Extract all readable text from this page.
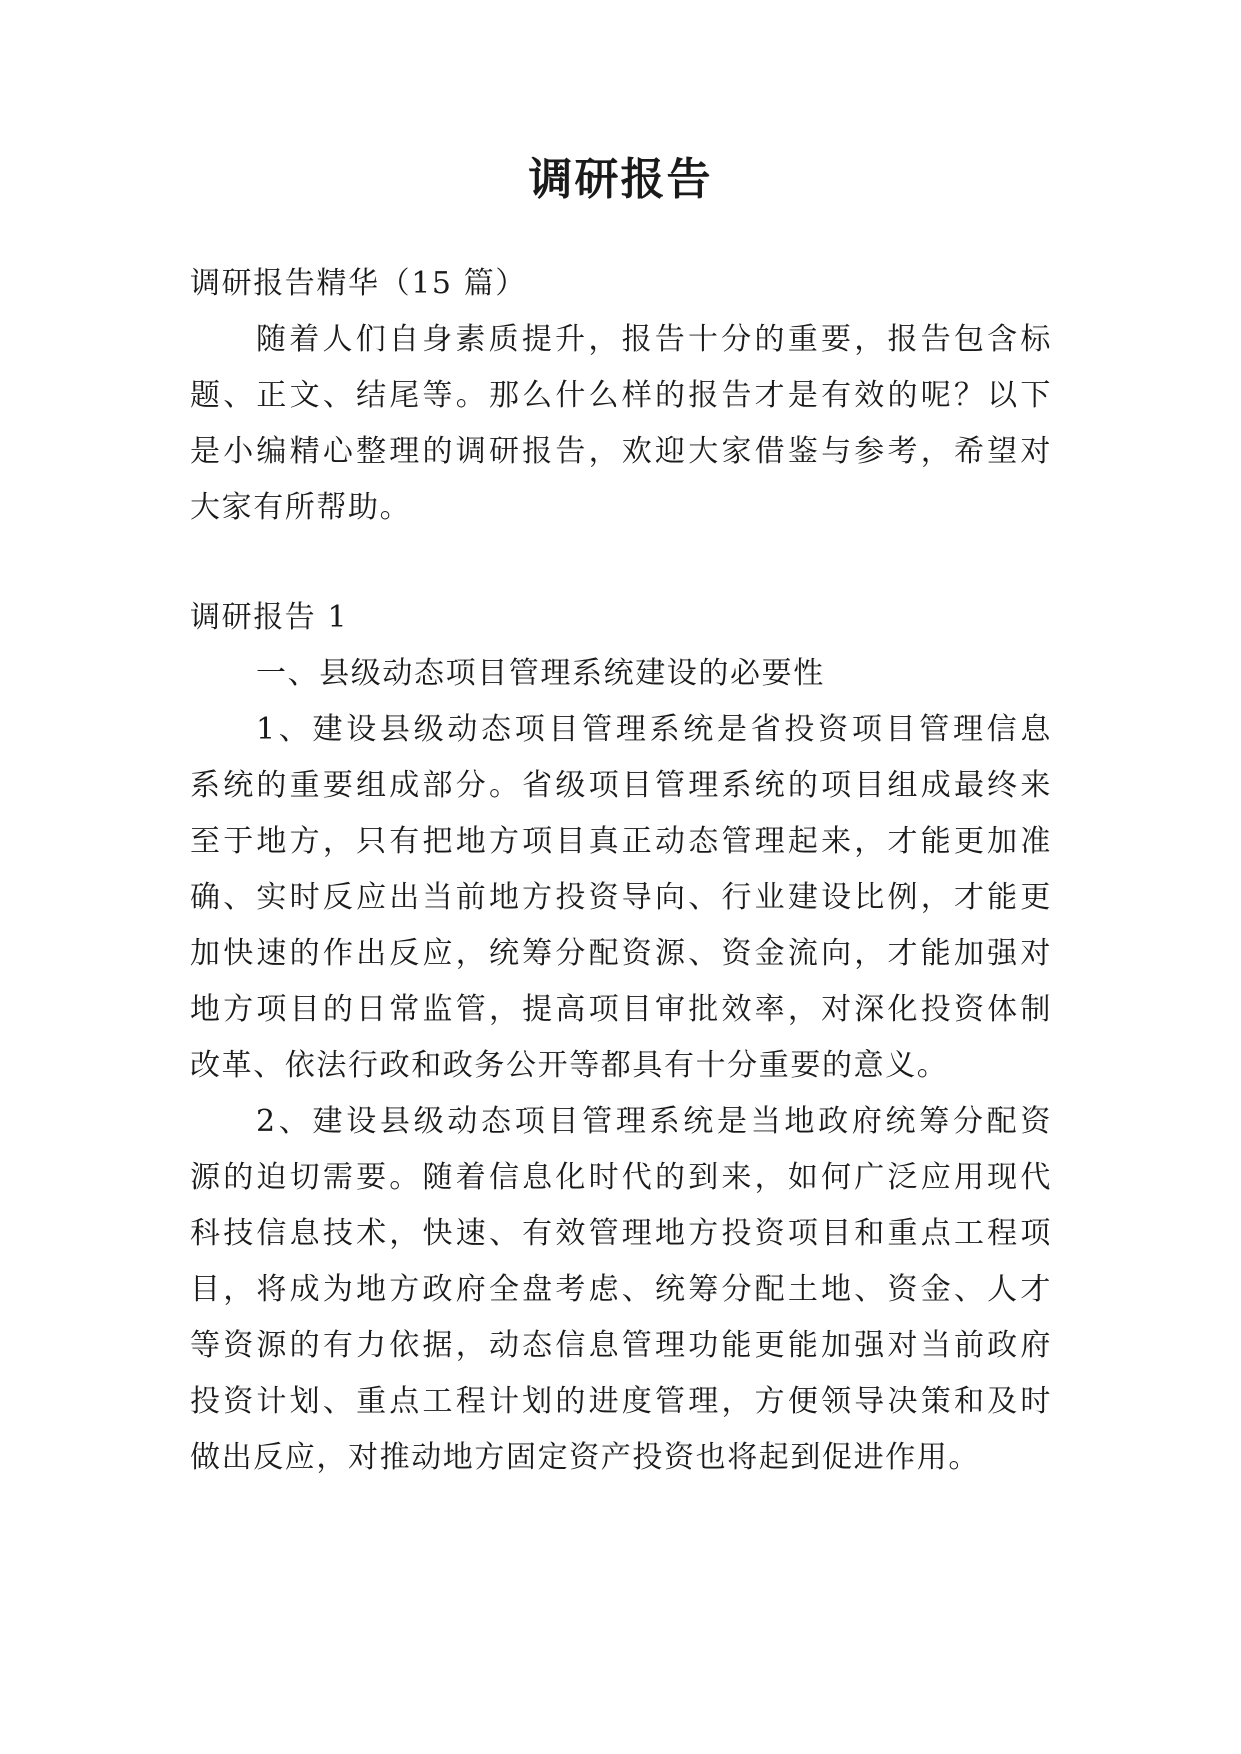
调研报告

调研报告精华（15 篇）

随着人们自身素质提升，报告十分的重要，报告包含标

题、正文、结尾等。那么什么样的报告才是有效的呢？以下

是小编精心整理的调研报告，欢迎大家借鉴与参考，希望对

大家有所帮助。

调研报告 1

一、县级动态项目管理系统建设的必要性

1、建设县级动态项目管理系统是省投资项目管理信息

系统的重要组成部分。省级项目管理系统的项目组成最终来

至于地方，只有把地方项目真正动态管理起来，才能更加准

确、实时反应出当前地方投资导向、行业建设比例，才能更

加快速的作出反应，统筹分配资源、资金流向，才能加强对

地方项目的日常监管，提高项目审批效率，对深化投资体制

改革、依法行政和政务公开等都具有十分重要的意义。

2、建设县级动态项目管理系统是当地政府统筹分配资

源的迫切需要。随着信息化时代的到来，如何广泛应用现代

科技信息技术，快速、有效管理地方投资项目和重点工程项

目，将成为地方政府全盘考虑、统筹分配土地、资金、人才

等资源的有力依据，动态信息管理功能更能加强对当前政府

投资计划、重点工程计划的进度管理，方便领导决策和及时

做出反应，对推动地方固定资产投资也将起到促进作用。
